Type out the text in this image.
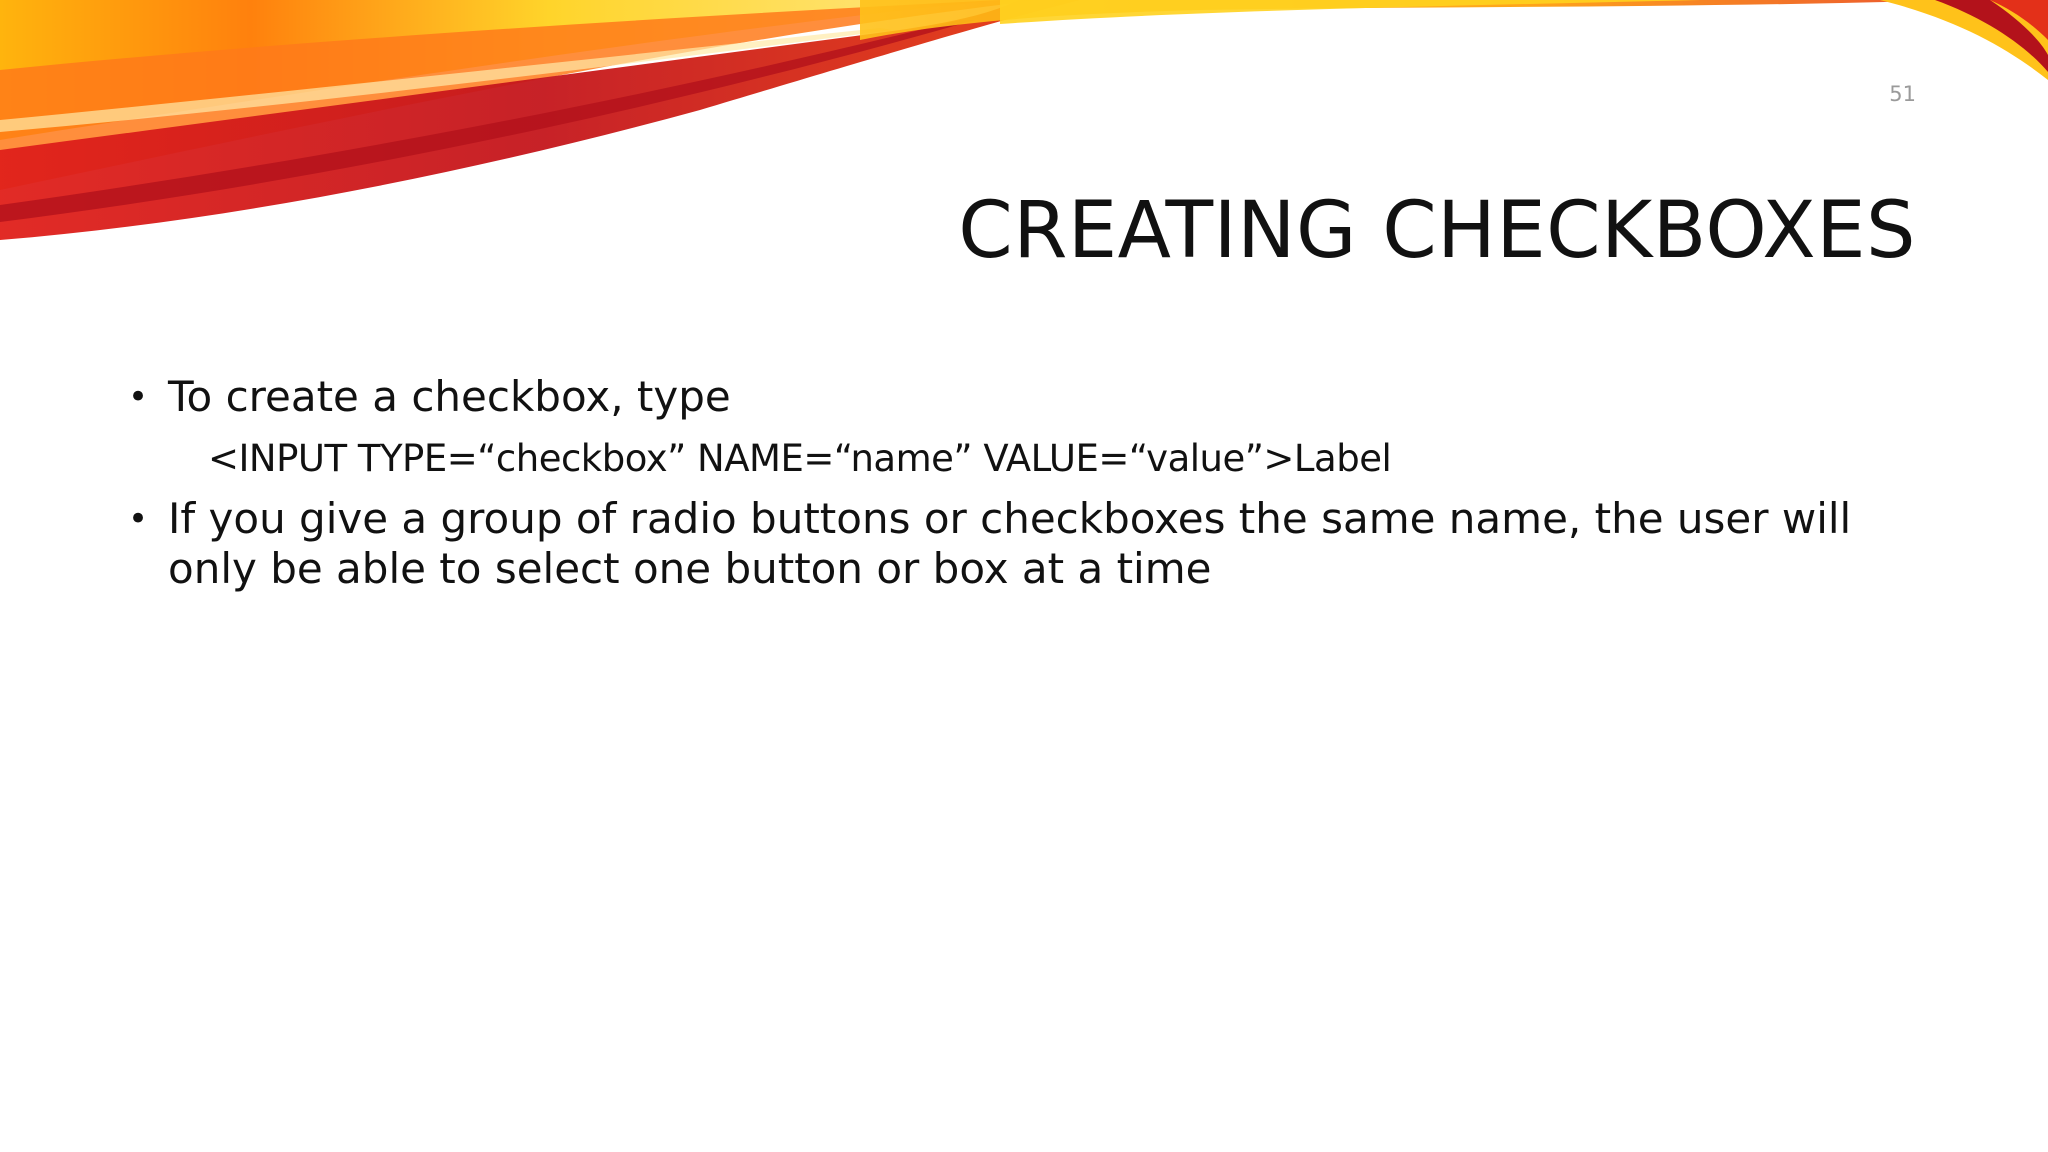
51
CREATING CHECKBOXES
• To create a checkbox, type
<INPUT TYPE=“checkbox” NAME=“name” VALUE=“value”>Label
• If you give a group of radio buttons or checkboxes the same name, the user will only be able to select one button or box at a time
